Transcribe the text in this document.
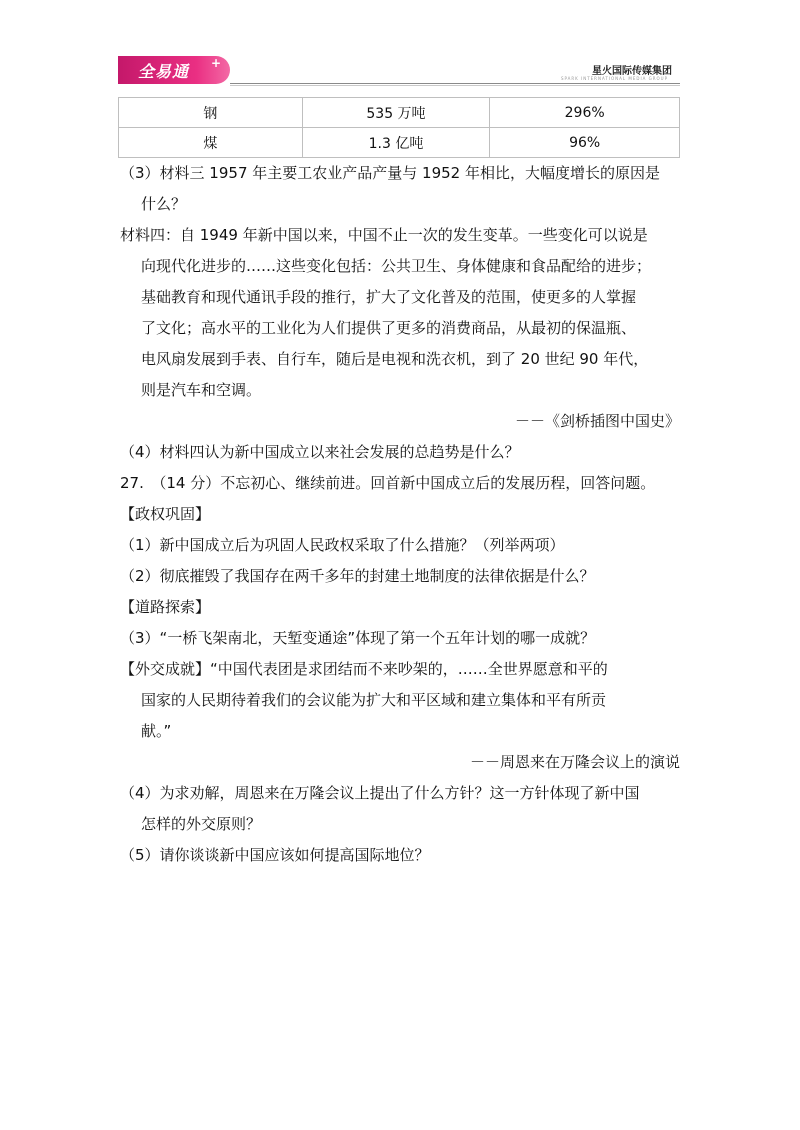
全易通 +
星火国际传媒集团
SPARK INTERNATIONAL MEDIA GROUP
钢	535 万吨	296%
煤	1.3 亿吨	96%
（3）材料三 1957 年主要工农业产品产量与 1952 年相比，大幅度增长的原因是
什么？
材料四：自 1949 年新中国以来，中国不止一次的发生变革。一些变化可以说是
向现代化进步的……这些变化包括：公共卫生、身体健康和食品配给的进步；
基础教育和现代通讯手段的推行，扩大了文化普及的范围，使更多的人掌握
了文化；高水平的工业化为人们提供了更多的消费商品，从最初的保温瓶、
电风扇发展到手表、自行车，随后是电视和洗衣机，到了 20 世纪 90 年代，
则是汽车和空调。
－－《剑桥插图中国史》
（4）材料四认为新中国成立以来社会发展的总趋势是什么？
27.　（14 分）不忘初心、继续前进。回首新中国成立后的发展历程，回答问题。
【政权巩固】
（1）新中国成立后为巩固人民政权采取了什么措施？（列举两项）
（2）彻底摧毁了我国存在两千多年的封建土地制度的法律依据是什么？
【道路探索】
（3）“一桥飞架南北，天堑变通途”体现了第一个五年计划的哪一成就？
【外交成就】“中国代表团是求团结而不来吵架的，……全世界愿意和平的
国家的人民期待着我们的会议能为扩大和平区域和建立集体和平有所贡
献。”
－－周恩来在万隆会议上的演说
（4）为求劝解，周恩来在万隆会议上提出了什么方针？这一方针体现了新中国
怎样的外交原则？
（5）请你谈谈新中国应该如何提高国际地位？
